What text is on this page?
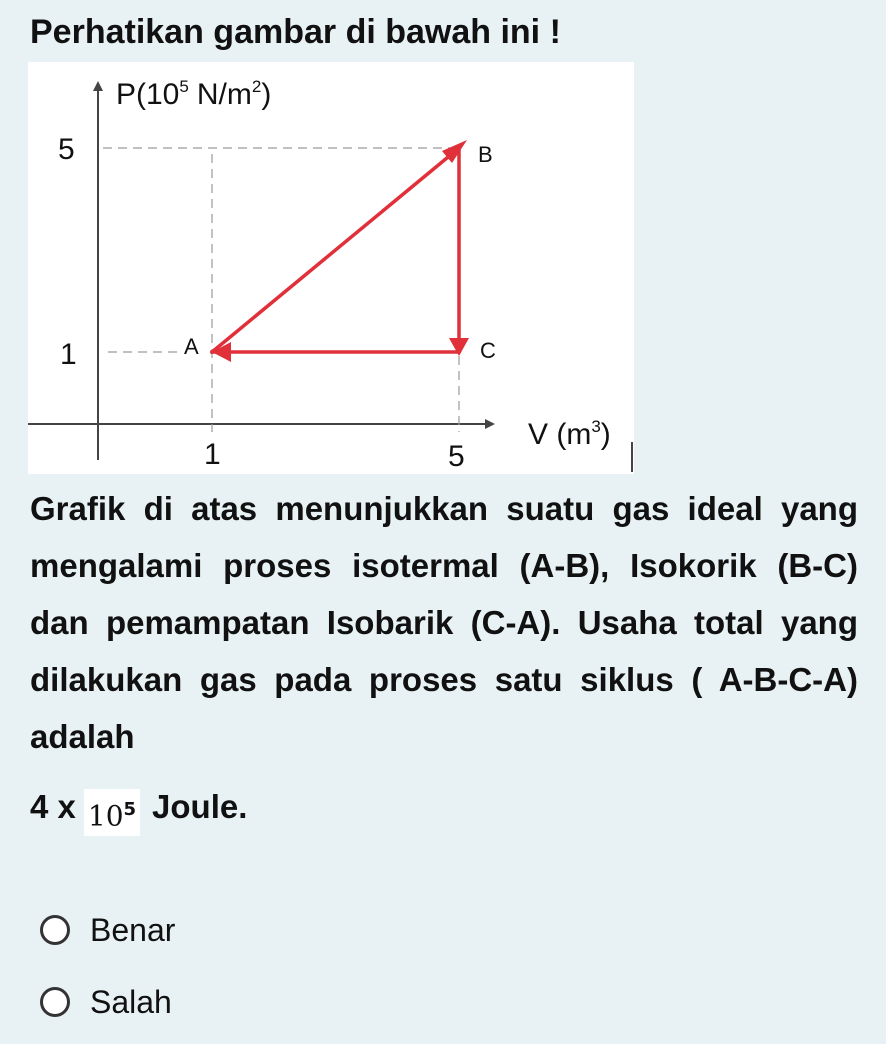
Perhatikan gambar di bawah ini !

$P(10^5$ $N/m^2$)
V $(m^3)$
5
1
1	5
A
B
C

Grafik di atas menunjukkan suatu gas ideal yang mengalami proses isotermal (A-B), Isokorik (B-C) dan pemampatan Isobarik (C-A). Usaha total yang dilakukan gas pada proses satu siklus ( A-B-C-A) adalah

4 x $10^5$ Joule.
Benar
Salah
